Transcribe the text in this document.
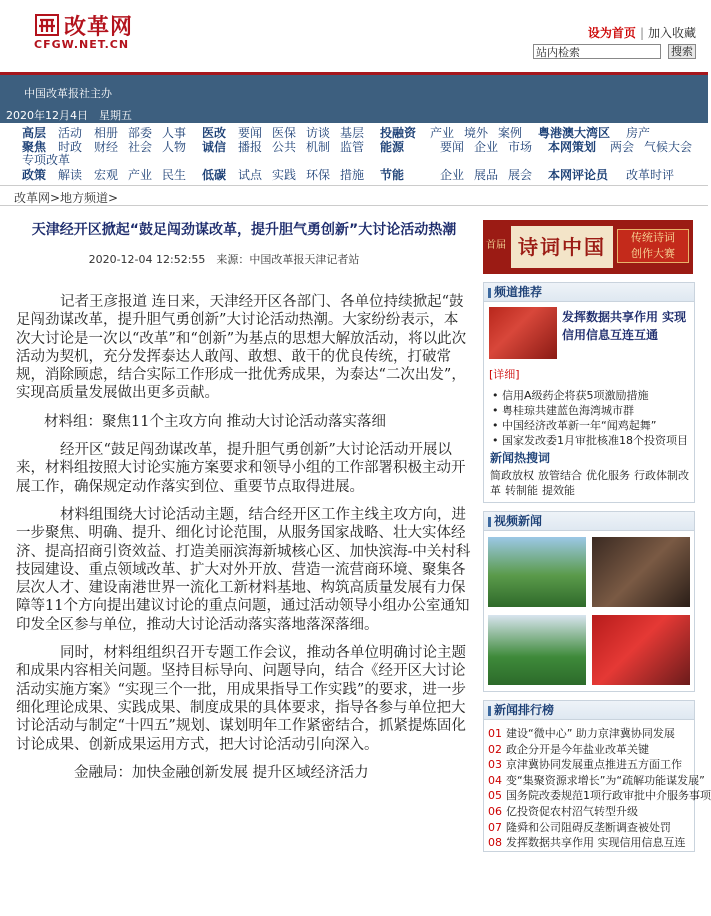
改革网
CFGW.NET.CN
设为首页 | 加入收藏
站内检索
搜索
中国改革报社主办
2020年12月4日　星期五
高层 活动 相册 部委 人事 医改 要闻 医保 访谈 基层 投融资 产业 境外 案例 粤港澳大湾区 房产
聚焦 时政 财经 社会 人物 诚信 播报 公共 机制 监管 能源	要闻 企业 市场 本网策划 两会 气候大会
专项改革
政策 解读 宏观 产业 民生 低碳 试点 实践 环保 措施 节能	企业 展品 展会 本网评论员 改革时评
改革网>地方频道>
天津经开区掀起“鼓足闯劲谋改革，提升胆气勇创新”大讨论活动热潮
2020-12-04 12:52:55　来源：中国改革报天津记者站

记者王彦报道 连日来，天津经开区各部门、各单位持续掀起“鼓足闯劲谋改革，提升胆气勇创新”大讨论活动热潮。大家纷纷表示，本次大讨论是一次以“改革”和“创新”为基点的思想大解放活动，将以此次活动为契机，充分发挥泰达人敢闯、敢想、敢干的优良传统，打破常规，消除顾虑，结合实际工作形成一批优秀成果，为泰达“二次出发”，实现高质量发展做出更多贡献。

材料组：聚焦11个主攻方向 推动大讨论活动落实落细

经开区“鼓足闯劲谋改革，提升胆气勇创新”大讨论活动开展以来，材料组按照大讨论实施方案要求和领导小组的工作部署积极主动开展工作，确保规定动作落实到位、重要节点取得进展。

材料组围绕大讨论活动主题，结合经开区工作主线主攻方向，进一步聚焦、明确、提升、细化讨论范围，从服务国家战略、壮大实体经济、提高招商引资效益、打造美丽滨海新城核心区、加快滨海-中关村科技园建设、重点领域改革、扩大对外开放、营造一流营商环境、聚集各层次人才、建设南港世界一流化工新材料基地、构筑高质量发展有力保障等11个方向提出建议讨论的重点问题，通过活动领导小组办公室通知印发全区参与单位，推动大讨论活动落实落地落深落细。

同时，材料组组织召开专题工作会议，推动各单位明确讨论主题和成果内容相关问题。坚持目标导向、问题导向，结合《经开区大讨论活动实施方案》“实现三个一批，用成果指导工作实践”的要求，进一步细化理论成果、实践成果、制度成果的具体要求，指导各参与单位把大讨论活动与制定“十四五”规划、谋划明年工作紧密结合，抓紧提炼固化讨论成果、创新成果运用方式，把大讨论活动引向深入。

金融局：加快金融创新发展 提升区域经济活力

首届 诗词中国	传统诗词
创作大赛
频道推荐
发挥数据共享作用 实现信用信息互连互通
[详细]
• 信用A级药企将获5项激励措施
• 粤桂琼共建蓝色海湾城市群
• 中国经济改革新一年“闻鸡起舞”
• 国家发改委1月审批核准18个投资项目
新闻热搜词
简政放权 放管结合 优化服务 行政体制改革 转制能 提效能
视频新闻
新闻排行榜
01 建设“微中心” 助力京津冀协同发展
02 政企分开是今年盐业改革关键
03 京津冀协同发展重点推进五方面工作
04 变“集聚资源求增长”为“疏解功能谋发展”
05 国务院改委规范1项行政审批中介服务事项
06 亿投资促农村沼气转型升级
07 隆舜和公司阻碍反垄断调查被处罚
08 发挥数据共享作用 实现信用信息互连
